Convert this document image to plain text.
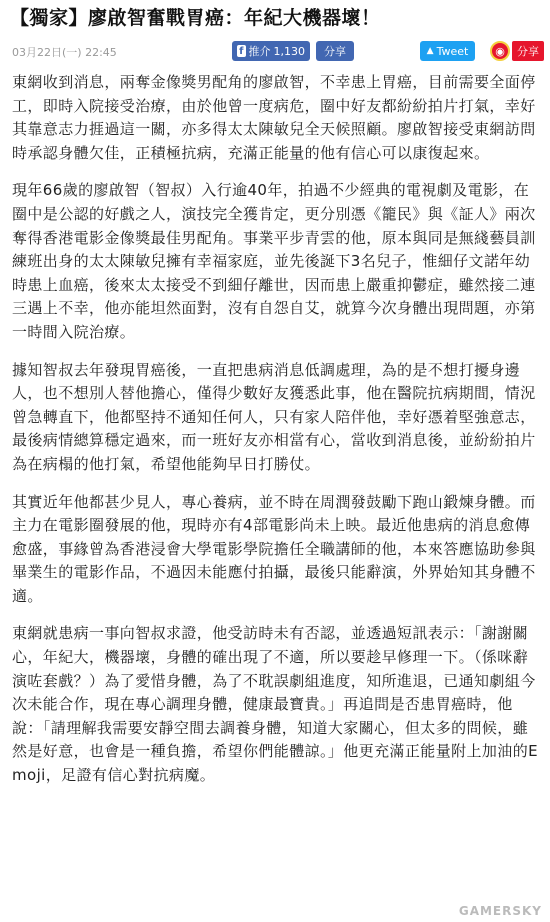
【獨家】廖啟智奮戰胃癌：年紀大機器壞！
03月22日(一) 22:45	f 推介 1,130 分享	▲ Tweet	◉	分享

東網收到消息，兩奪金像獎男配角的廖啟智，不幸患上胃癌，目前需要全面停工，即時入院接受治療，由於他曾一度病危，圈中好友都紛紛拍片打氣，幸好其靠意志力捱過這一關，亦多得太太陳敏兒全天候照顧。廖啟智接受東網訪問時承認身體欠佳，正積極抗病，充滿正能量的他有信心可以康復起來。

現年66歲的廖啟智（智叔）入行逾40年，拍過不少經典的電視劇及電影，在圈中是公認的好戲之人，演技完全獲肯定，更分別憑《籠民》與《証人》兩次奪得香港電影金像獎最佳男配角。事業平步青雲的他，原本與同是無綫藝員訓練班出身的太太陳敏兒擁有幸福家庭，並先後誕下3名兒子，惟細仔文諾年幼時患上血癌，後來太太接受不到細仔離世，因而患上嚴重抑鬱症，雖然接二連三遇上不幸，他亦能坦然面對，沒有自怨自艾，就算今次身體出現問題，亦第一時間入院治療。

據知智叔去年發現胃癌後，一直把患病消息低調處理，為的是不想打擾身邊人，也不想別人替他擔心，僅得少數好友獲悉此事，他在醫院抗病期間，情況曾急轉直下，他都堅持不通知任何人，只有家人陪伴他，幸好憑着堅強意志，最後病情總算穩定過來，而一班好友亦相當有心，當收到消息後，並紛紛拍片為在病榻的他打氣，希望他能夠早日打勝仗。

其實近年他都甚少見人，專心養病，並不時在周潤發鼓勵下跑山鍛煉身體。而主力在電影圈發展的他，現時亦有4部電影尚未上映。最近他患病的消息愈傳愈盛，事緣曾為香港浸會大學電影學院擔任全職講師的他，本來答應協助參與畢業生的電影作品，不過因未能應付拍攝，最後只能辭演，外界始知其身體不適。

東網就患病一事向智叔求證，他受訪時未有否認，並透過短訊表示：「謝謝關心，年紀大，機器壞，身體的確出現了不適，所以要趁早修理一下。（係咪辭演咗套戲？）為了愛惜身體，為了不耽誤劇組進度，知所進退，已通知劇組今次未能合作，現在專心調理身體，健康最寶貴。」再追問是否患胃癌時，他說：「請理解我需要安靜空間去調養身體，知道大家關心，但太多的問候，雖然是好意，也會是一種負擔，希望你們能體諒。」他更充滿正能量附上加油的Emoji，足證有信心對抗病魔。

GAMERSKY
